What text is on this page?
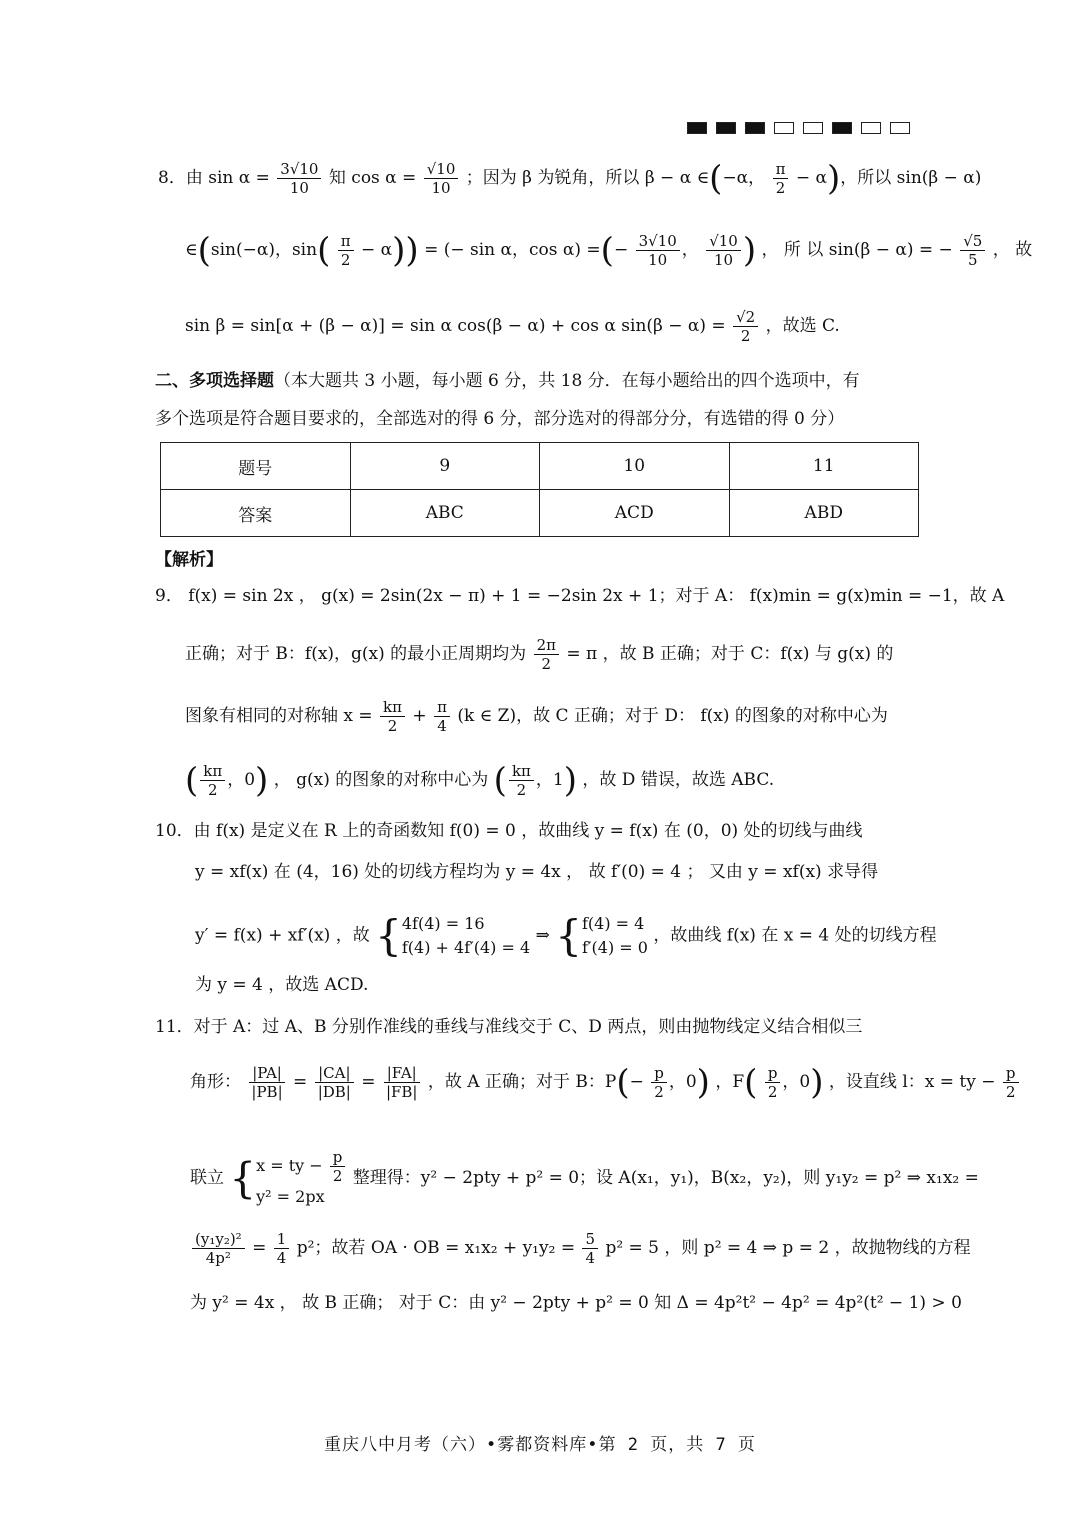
8．由 $\sin \alpha = \frac{3√10}{10}$ 知 $\cos \alpha = \frac{√10}{10}$ ；因为 β 为锐角，所以 β − α ∈(−α， $\frac{\pi}{2} - \alpha$)，所以 sin(β − α)
∈(sin(−α)，$\sin( \frac{\pi}{2} - \alpha)$) = (− sin α，cos α) =(− $\frac{3√10}{10}$ ， $\frac{√10}{10}$ ) ， 所 以 sin(β − α) = − $\frac{√5}{5}$ ， 故
sin β = sin[α + (β − α)] = sin α cos(β − α) + cos α $\sin(\beta - \alpha) = \frac{√2}{2}$ ，故选 C.
二、多项选择题（本大题共 3 小题，每小题 6 分，共 18 分．在每小题给出的四个选项中，有
多个选项是符合题目要求的，全部选对的得 6 分，部分选对的得部分分，有选错的得 0 分）
题号	9	10	11
答案	ABC	ACD	ABD
【解析】
9． f(x) = sin 2x ， g(x) = 2sin(2x − π) + 1 = −2sin 2x + 1；对于 A： f(x)min = g(x)min = −1，故 A
正确；对于 B：f(x)，g(x) 的最小正周期均为 $\frac{2\pi}{2} = \pi$ ，故 B 正确；对于 C：f(x) 与 g(x) 的
图象有相同的对称轴 $x = \frac{k\pi}{2} + \frac{\pi}{4} (k$ ∈ Z)，故 C 正确；对于 D： f(x) 的图象的对称中心为
( $\frac{k\pi}{2}$ ，0) ， g(x) 的图象的对称中心为 ( $\frac{k\pi}{2}$ ，1) ，故 D 错误，故选 ABC.
10．由 f(x) 是定义在 R 上的奇函数知 f(0) = 0 ，故曲线 y = f(x) 在 (0，0) 处的切线与曲线
y = xf(x) 在 (4，16) 处的切线方程均为 y = 4x ， 故 f′(0) = 4 ； 又由 y = xf(x) 求导得
y′ = f(x) + xf′(x) ，故 { 4f(4) = 16
f(4) + 4f′(4) = 4
⇒ { f(4) = 4
f′(4) = 0
，故曲线 f(x) 在 x = 4 处的切线方程
为 y = 4 ，故选 ACD.
11．对于 A：过 A、B 分别作准线的垂线与准线交于 C、D 两点，则由抛物线定义结合相似三
角形： $\frac{|PA|}{|PB|} = \frac{|CA|}{|DB|} = \frac{|FA|}{|FB|}$ ，故 A 正确；对于 B：$P(- \frac{p}{2}$ ，0) ，$F( \frac{p}{2}$ ，0) ，设直线 l：x = ty − $\frac{p}{2}$
联立 { x = ty − $\frac{p}{2}$
y² = 2px
整理得：y² − 2pty + p² = 0；设 A(x₁，y₁)，B(x₂，y₂)，则 y₁y₂ = p² ⇒ x₁x₂ =
$\frac{\text{(y₁y₂)²}}{\text{4p²}} = \frac{1}{4} p^2$；故若 OA · OB = $x_1x_2 + y_1y_2 = \frac{5}{4} p^2 = 5$ ，则 p² = 4 ⇒ p = 2 ，故抛物线的方程
为 y² = 4x ， 故 B 正确； 对于 C：由 y² − 2pty + p² = 0 知 Δ = 4p²t² − 4p² = 4p²(t² − 1) > 0
重庆八中月考（六）•雾都资料库•第 2 页，共 7 页
